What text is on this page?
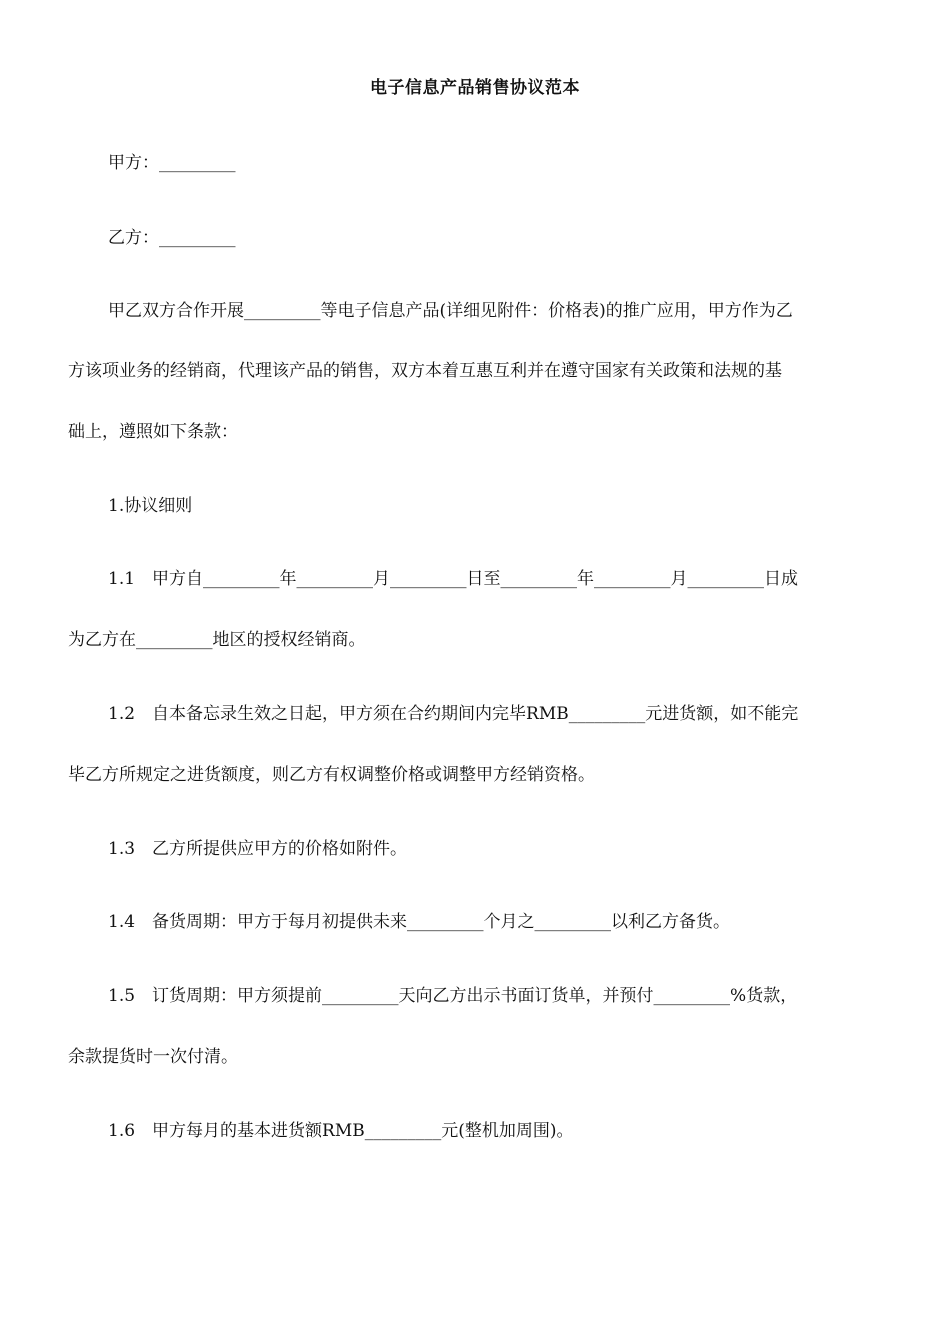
电子信息产品销售协议范本
甲方：_________
乙方：_________
甲乙双方合作开展_________等电子信息产品(详细见附件：价格表)的推广应用，甲方作为乙
方该项业务的经销商，代理该产品的销售，双方本着互惠互利并在遵守国家有关政策和法规的基
础上，遵照如下条款：
1.协议细则
1.1　甲方自_________年_________月_________日至_________年_________月_________日成
为乙方在_________地区的授权经销商。
1.2　自本备忘录生效之日起，甲方须在合约期间内完毕RMB_________元进货额，如不能完
毕乙方所规定之进货额度，则乙方有权调整价格或调整甲方经销资格。
1.3　乙方所提供应甲方的价格如附件。
1.4　备货周期：甲方于每月初提供未来_________个月之_________以利乙方备货。
1.5　订货周期：甲方须提前_________天向乙方出示书面订货单，并预付_________%货款，
余款提货时一次付清。
1.6　甲方每月的基本进货额RMB_________元(整机加周围)。
